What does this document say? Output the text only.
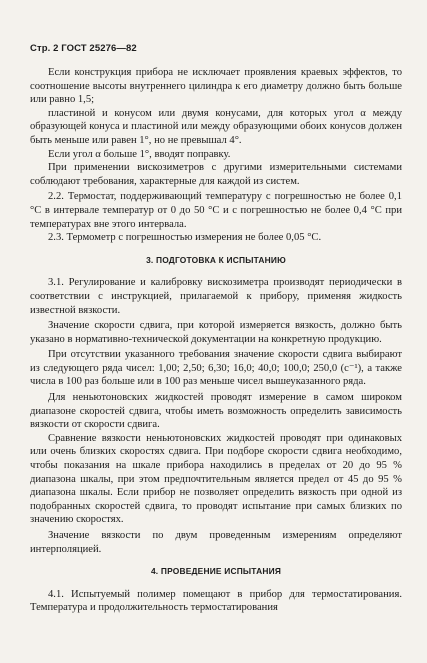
Стр. 2 ГОСТ 25276—82

Если конструкция прибора не исключает проявления краевых эффектов, то соотношение высоты внутреннего цилиндра к его диаметру должно быть больше или равно 1,5;

пластиной и конусом или двумя конусами, для которых угол α между образующей конуса и пластиной или между образующими обоих конусов должен быть меньше или равен 1°, но не превышал 4°.

Если угол α больше 1°, вводят поправку.

При применении вискозиметров с другими измерительными системами соблюдают требования, характерные для каждой из систем.

2.2. Термостат, поддерживающий температуру с погрешностью не более 0,1 °С в интервале температур от 0 до 50 °С и с погрешностью не более 0,4 °С при температурах вне этого интервала.

2.3. Термометр с погрешностью измерения не более 0,05 °С.

3. ПОДГОТОВКА К ИСПЫТАНИЮ

3.1. Регулирование и калибровку вискозиметра производят периодически в соответствии с инструкцией, прилагаемой к прибору, применяя жидкость известной вязкости.

Значение скорости сдвига, при которой измеряется вязкость, должно быть указано в нормативно-технической документации на конкретную продукцию.

При отсутствии указанного требования значение скорости сдвига выбирают из следующего ряда чисел: 1,00; 2,50; 6,30; 16,0; 40,0; 100,0; 250,0 (с⁻¹), а также числа в 100 раз больше или в 100 раз меньше чисел вышеуказанного ряда.

Для неньютоновских жидкостей проводят измерение в самом широком диапазоне скоростей сдвига, чтобы иметь возможность определить зависимость вязкости от скорости сдвига.

Сравнение вязкости неньютоновских жидкостей проводят при одинаковых или очень близких скоростях сдвига. При подборе скорости сдвига необходимо, чтобы показания на шкале прибора находились в пределах от 20 до 95 % диапазона шкалы, при этом предпочтительным является предел от 45 до 95 % диапазона шкалы. Если прибор не позволяет определить вязкость при одной из подобранных скоростей сдвига, то проводят испытание при самых близких по значению скоростях.

Значение вязкости по двум проведенным измерениям определяют интерполяцией.

4. ПРОВЕДЕНИЕ ИСПЫТАНИЯ

4.1. Испытуемый полимер помещают в прибор для термостатирования. Температура и продолжительность термостатирования
